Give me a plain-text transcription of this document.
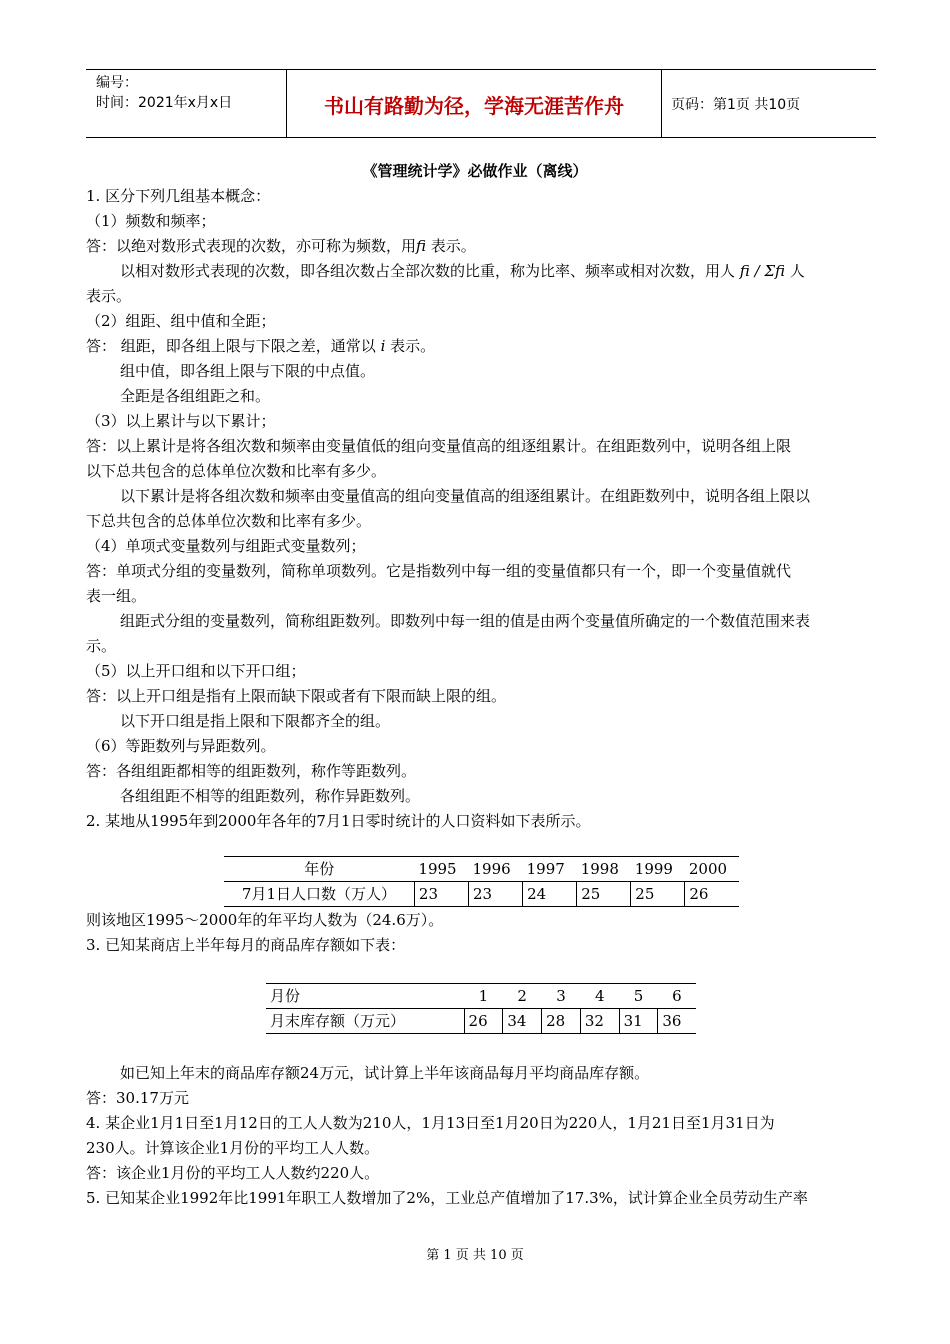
编号：
时间：2021年x月x日	书山有路勤为径，学海无涯苦作舟	页码：第1页 共10页
《管理统计学》必做作业（离线）
1. 区分下列几组基本概念：
（1）频数和频率；
答：以绝对数形式表现的次数，亦可称为频数，用fi 表示。
以相对数形式表现的次数，即各组次数占全部次数的比重，称为比率、频率或相对次数，用人 fi / Σfi 人
表示。
（2）组距、组中值和全距；
答： 组距，即各组上限与下限之差，通常以 i 表示。
组中值，即各组上限与下限的中点值。
全距是各组组距之和。
（3）以上累计与以下累计；
答：以上累计是将各组次数和频率由变量值低的组向变量值高的组逐组累计。在组距数列中，说明各组上限
以下总共包含的总体单位次数和比率有多少。
以下累计是将各组次数和频率由变量值高的组向变量值高的组逐组累计。在组距数列中，说明各组上限以
下总共包含的总体单位次数和比率有多少。
（4）单项式变量数列与组距式变量数列；
答：单项式分组的变量数列，简称单项数列。它是指数列中每一组的变量值都只有一个，即一个变量值就代
表一组。
组距式分组的变量数列，简称组距数列。即数列中每一组的值是由两个变量值所确定的一个数值范围来表
示。
（5）以上开口组和以下开口组；
答：以上开口组是指有上限而缺下限或者有下限而缺上限的组。
以下开口组是指上限和下限都齐全的组。
（6）等距数列与异距数列。
答：各组组距都相等的组距数列，称作等距数列。
各组组距不相等的组距数列，称作异距数列。
2. 某地从1995年到2000年各年的7月1日零时统计的人口资料如下表所示。
年份	1995	1996	1997	1998	1999	2000
7月1日人口数（万人）	23	23	24	25	25	26
则该地区1995～2000年的年平均人数为（24.6万）。
3. 已知某商店上半年每月的商品库存额如下表：
月份	1	2	3	4	5	6
月末库存额（万元）	26	34	28	32	31	36
如已知上年末的商品库存额24万元，试计算上半年该商品每月平均商品库存额。
答：30.17万元
4. 某企业1月1日至1月12日的工人人数为210人，1月13日至1月20日为220人，1月21日至1月31日为
230人。计算该企业1月份的平均工人人数。
答：该企业1月份的平均工人人数约220人。
5. 已知某企业1992年比1991年职工人数增加了2%，工业总产值增加了17.3%，试计算企业全员劳动生产率
第 1 页 共 10 页
